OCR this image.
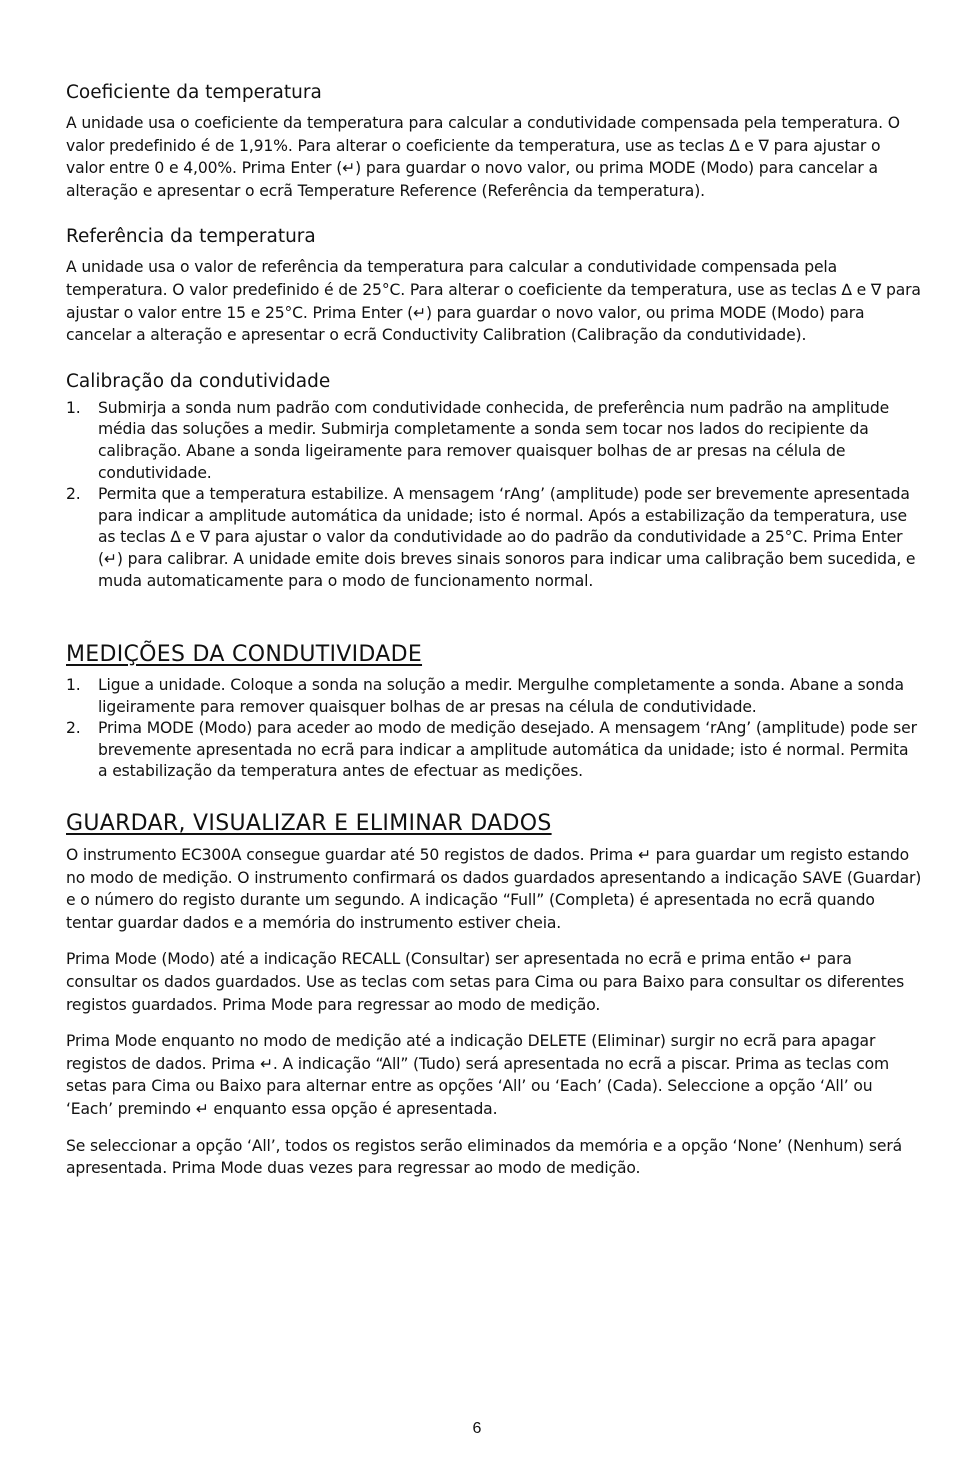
Coeficiente da temperatura

A unidade usa o coeficiente da temperatura para calcular a condutividade compensada pela temperatura. O valor predefinido é de 1,91%. Para alterar o coeficiente da temperatura, use as teclas ∆ e ∇ para ajustar o valor entre 0 e 4,00%. Prima Enter (↵) para guardar o novo valor, ou prima MODE (Modo) para cancelar a alteração e apresentar o ecrã Temperature Reference (Referência da temperatura).

Referência da temperatura

A unidade usa o valor de referência da temperatura para calcular a condutividade compensada pela temperatura. O valor predefinido é de 25°C. Para alterar o coeficiente da temperatura, use as teclas ∆ e ∇ para ajustar o valor entre 15 e 25°C. Prima Enter (↵) para guardar o novo valor, ou prima MODE (Modo) para cancelar a alteração e apresentar o ecrã Conductivity Calibration (Calibração da condutividade).

Calibração da condutividade
1. Submirja a sonda num padrão com condutividade conhecida, de preferência num padrão na amplitude média das soluções a medir. Submirja completamente a sonda sem tocar nos lados do recipiente da calibração. Abane a sonda ligeiramente para remover quaisquer bolhas de ar presas na célula de condutividade.
2. Permita que a temperatura estabilize. A mensagem ‘rAng’ (amplitude) pode ser brevemente apresentada para indicar a amplitude automática da unidade; isto é normal. Após a estabilização da temperatura, use as teclas ∆ e ∇ para ajustar o valor da condutividade ao do padrão da condutividade a 25°C. Prima Enter (↵) para calibrar. A unidade emite dois breves sinais sonoros para indicar uma calibração bem sucedida, e muda automaticamente para o modo de funcionamento normal.
MEDIÇÕES DA CONDUTIVIDADE
1. Ligue a unidade. Coloque a sonda na solução a medir. Mergulhe completamente a sonda. Abane a sonda ligeiramente para remover quaisquer bolhas de ar presas na célula de condutividade.
2. Prima MODE (Modo) para aceder ao modo de medição desejado. A mensagem ‘rAng’ (amplitude) pode ser brevemente apresentada no ecrã para indicar a amplitude automática da unidade; isto é normal. Permita a estabilização da temperatura antes de efectuar as medições.
GUARDAR, VISUALIZAR E ELIMINAR DADOS

O instrumento EC300A consegue guardar até 50 registos de dados. Prima ↵ para guardar um registo estando no modo de medição. O instrumento confirmará os dados guardados apresentando a indicação SAVE (Guardar) e o número do registo durante um segundo. A indicação “Full” (Completa) é apresentada no ecrã quando tentar guardar dados e a memória do instrumento estiver cheia.

Prima Mode (Modo) até a indicação RECALL (Consultar) ser apresentada no ecrã e prima então ↵ para consultar os dados guardados. Use as teclas com setas para Cima ou para Baixo para consultar os diferentes registos guardados. Prima Mode para regressar ao modo de medição.

Prima Mode enquanto no modo de medição até a indicação DELETE (Eliminar) surgir no ecrã para apagar registos de dados. Prima ↵. A indicação “All” (Tudo) será apresentada no ecrã a piscar. Prima as teclas com setas para Cima ou Baixo para alternar entre as opções ‘All’ ou ‘Each’ (Cada). Seleccione a opção ‘All’ ou ‘Each’ premindo ↵ enquanto essa opção é apresentada.

Se seleccionar a opção ‘All’, todos os registos serão eliminados da memória e a opção ‘None’ (Nenhum) será apresentada. Prima Mode duas vezes para regressar ao modo de medição.

6
